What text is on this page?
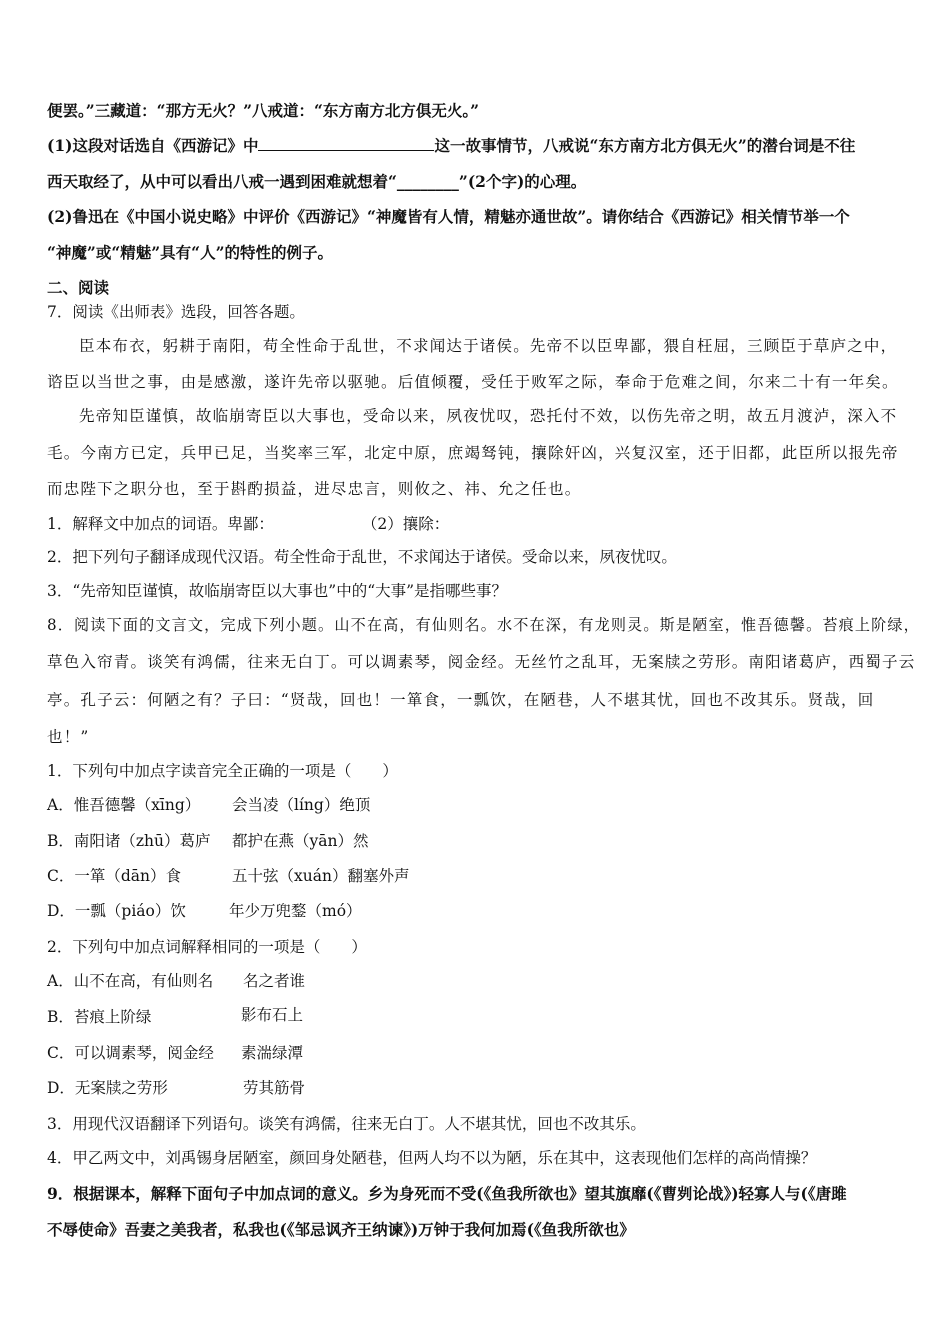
便罢。”三藏道：“那方无火？”八戒道：“东方南方北方俱无火。”
(1)这段对话选自《西游记》中	这一故事情节，八戒说“东方南方北方俱无火”的潜台词是不往
西天取经了，从中可以看出八戒一遇到困难就想着“________”(2个字)的心理。
(2)鲁迅在《中国小说史略》中评价《西游记》“神魔皆有人情，精魅亦通世故”。请你结合《西游记》相关情节举一个
“神魔”或“精魅”具有“人”的特性的例子。
二、阅读
7．阅读《出师表》选段，回答各题。
臣本布衣，躬耕于南阳，苟全性命于乱世，不求闻达于诸侯。先帝不以臣卑鄙，猥自枉屈，三顾臣于草庐之中，
谘臣以当世之事，由是感激，遂许先帝以驱驰。后值倾覆，受任于败军之际，奉命于危难之间，尔来二十有一年矣。
先帝知臣谨慎，故临崩寄臣以大事也，受命以来，夙夜忧叹，恐托付不效，以伤先帝之明，故五月渡泸，深入不
毛。今南方已定，兵甲已足，当奖率三军，北定中原，庶竭驽钝，攘除奸凶，兴复汉室，还于旧都，此臣所以报先帝
而忠陛下之职分也，至于斟酌损益，进尽忠言，则攸之、祎、允之任也。
1．解释文中加点的词语。卑鄙：	（2）攘除：
2．把下列句子翻译成现代汉语。苟全性命于乱世，不求闻达于诸侯。受命以来，夙夜忧叹。
3．“先帝知臣谨慎，故临崩寄臣以大事也”中的“大事”是指哪些事？
8．阅读下面的文言文，完成下列小题。山不在高，有仙则名。水不在深，有龙则灵。斯是陋室，惟吾德馨。苔痕上阶绿，
草色入帘青。谈笑有鸿儒，往来无白丁。可以调素琴，阅金经。无丝竹之乱耳，无案牍之劳形。南阳诸葛庐，西蜀子云
亭。孔子云：何陋之有？子曰：“贤哉，回也！一箪食，一瓢饮，在陋巷，人不堪其忧，回也不改其乐。贤哉，回
也！”
1．下列句中加点字读音完全正确的一项是（　　）
A．惟吾德馨（xīng） 会当凌（líng）绝顶
B．南阳诸（zhū）葛庐 都护在燕（yān）然
C．一箪（dān）食	五十弦（xuán）翻塞外声
D．一瓢（piáo）饮	年少万兜鍪（mó）
2．下列句中加点词解释相同的一项是（　　）
A．山不在高，有仙则名 名之者谁
B．苔痕上阶绿	影布石上
C．可以调素琴，阅金经 素湍绿潭
D．无案牍之劳形	劳其筋骨
3．用现代汉语翻译下列语句。谈笑有鸿儒，往来无白丁。人不堪其忧，回也不改其乐。
4．甲乙两文中，刘禹锡身居陋室，颜回身处陋巷，但两人均不以为陋，乐在其中，这表现他们怎样的高尚情操？
9．根据课本，解释下面句子中加点词的意义。乡为身死而不受(《鱼我所欲也》望其旗靡(《曹刿论战》)轻寡人与(《唐雎
不辱使命》吾妻之美我者，私我也(《邹忌讽齐王纳谏》)万钟于我何加焉(《鱼我所欲也》
